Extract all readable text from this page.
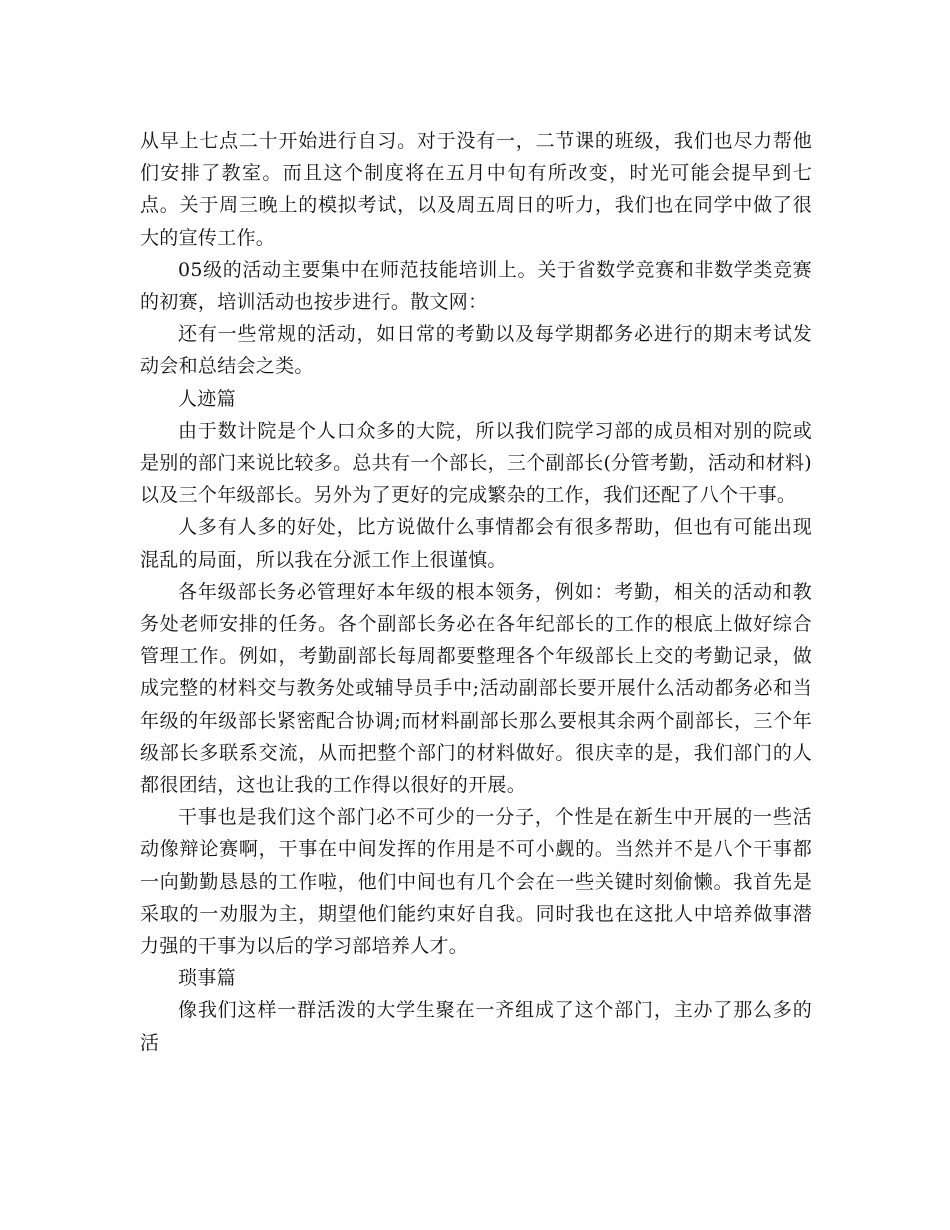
从早上七点二十开始进行自习。对于没有一，二节课的班级，我们也尽力帮他们安排了教室。而且这个制度将在五月中旬有所改变，时光可能会提早到七点。关于周三晚上的模拟考试，以及周五周日的听力，我们也在同学中做了很大的宣传工作。

05级的活动主要集中在师范技能培训上。关于省数学竞赛和非数学类竞赛的初赛，培训活动也按步进行。散文网：

还有一些常规的活动，如日常的考勤以及每学期都务必进行的期末考试发动会和总结会之类。

人迹篇

由于数计院是个人口众多的大院，所以我们院学习部的成员相对别的院或是别的部门来说比较多。总共有一个部长，三个副部长(分管考勤，活动和材料)以及三个年级部长。另外为了更好的完成繁杂的工作，我们还配了八个干事。

人多有人多的好处，比方说做什么事情都会有很多帮助，但也有可能出现混乱的局面，所以我在分派工作上很谨慎。

各年级部长务必管理好本年级的根本领务，例如：考勤，相关的活动和教务处老师安排的任务。各个副部长务必在各年纪部长的工作的根底上做好综合管理工作。例如，考勤副部长每周都要整理各个年级部长上交的考勤记录，做成完整的材料交与教务处或辅导员手中;活动副部长要开展什么活动都务必和当年级的年级部长紧密配合协调;而材料副部长那么要根其余两个副部长，三个年级部长多联系交流，从而把整个部门的材料做好。很庆幸的是，我们部门的人都很团结，这也让我的工作得以很好的开展。

干事也是我们这个部门必不可少的一分子，个性是在新生中开展的一些活动像辩论赛啊，干事在中间发挥的作用是不可小觑的。当然并不是八个干事都一向勤勤恳恳的工作啦，他们中间也有几个会在一些关键时刻偷懒。我首先是采取的一劝服为主，期望他们能约束好自我。同时我也在这批人中培养做事潜力强的干事为以后的学习部培养人才。

琐事篇

像我们这样一群活泼的大学生聚在一齐组成了这个部门，主办了那么多的活
